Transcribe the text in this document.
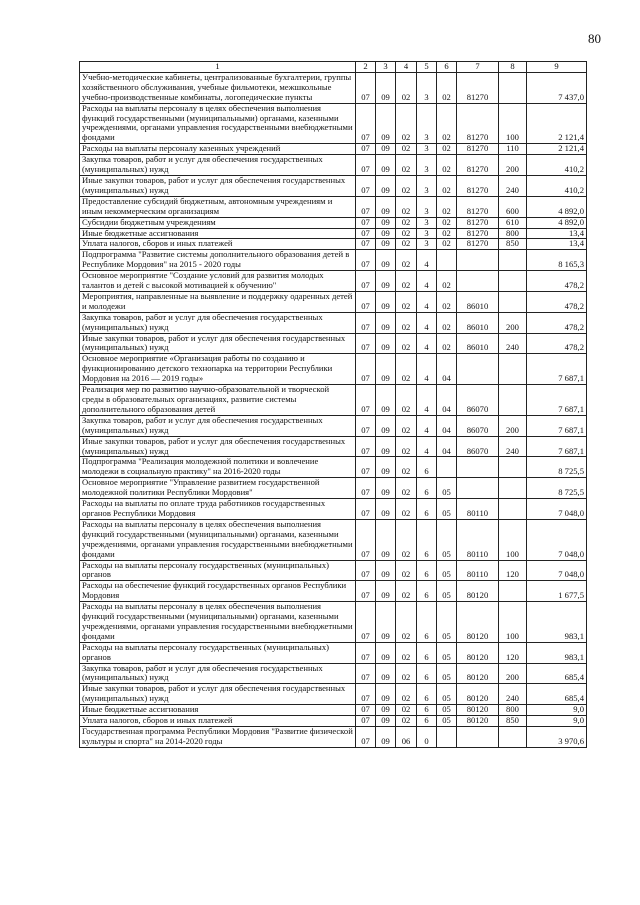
80
1	2	3	4	5	6	7	8	9
Учебно-методические кабинеты, централизованные бухгалтерии, группы хозяйственного обслуживания, учебные фильмотеки, межшкольные учебно-производственные комбинаты, логопедические пункты	07	09	02	3	02	81270		7 437,0
Расходы на выплаты персоналу в целях обеспечения выполнения функций государственными (муниципальными) органами, казенными учреждениями, органами управления государственными внебюджетными фондами	07	09	02	3	02	81270	100	2 121,4
Расходы на выплаты персоналу казенных учреждений	07	09	02	3	02	81270	110	2 121,4
Закупка товаров, работ и услуг для обеспечения государственных (муниципальных) нужд	07	09	02	3	02	81270	200	410,2
Иные закупки товаров, работ и услуг для обеспечения государственных (муниципальных) нужд	07	09	02	3	02	81270	240	410,2
Предоставление субсидий бюджетным, автономным учреждениям и иным некоммерческим организациям	07	09	02	3	02	81270	600	4 892,0
Субсидии бюджетным учреждениям	07	09	02	3	02	81270	610	4 892,0
Иные бюджетные ассигнования	07	09	02	3	02	81270	800	13,4
Уплата налогов, сборов и иных платежей	07	09	02	3	02	81270	850	13,4
Подпрограмма "Развитие системы дополнительного образования детей в Республике Мордовия" на 2015 - 2020 годы	07	09	02	4				8 165,3
Основное мероприятие "Создание условий для развития молодых талантов и детей с высокой мотивацией к обучению"	07	09	02	4	02			478,2
Мероприятия, направленные на выявление и поддержку одаренных детей и молодежи	07	09	02	4	02	86010		478,2
Закупка товаров, работ и услуг для обеспечения государственных (муниципальных) нужд	07	09	02	4	02	86010	200	478,2
Иные закупки товаров, работ и услуг для обеспечения государственных (муниципальных) нужд	07	09	02	4	02	86010	240	478,2
Основное мероприятие «Организация работы по созданию и функционированию детского технопарка на территории Республики Мордовия на 2016 — 2019 годы»	07	09	02	4	04			7 687,1
Реализация мер по развитию научно-образовательной и творческой среды в образовательных организациях, развитие системы дополнительного образования детей	07	09	02	4	04	86070		7 687,1
Закупка товаров, работ и услуг для обеспечения государственных (муниципальных) нужд	07	09	02	4	04	86070	200	7 687,1
Иные закупки товаров, работ и услуг для обеспечения государственных (муниципальных) нужд	07	09	02	4	04	86070	240	7 687,1
Подпрограмма "Реализация молодежной политики и вовлечение молодежи в социальную практику" на 2016-2020 годы	07	09	02	6				8 725,5
Основное мероприятие "Управление развитием государственной молодежной политики Республики Мордовия"	07	09	02	6	05			8 725,5
Расходы на выплаты по оплате труда работников государственных органов Республики Мордовия	07	09	02	6	05	80110		7 048,0
Расходы на выплаты персоналу в целях обеспечения выполнения функций государственными (муниципальными) органами, казенными учреждениями, органами управления государственными внебюджетными фондами	07	09	02	6	05	80110	100	7 048,0
Расходы на выплаты персоналу государственных (муниципальных) органов	07	09	02	6	05	80110	120	7 048,0
Расходы на обеспечение функций государственных органов Республики Мордовия	07	09	02	6	05	80120		1 677,5
Расходы на выплаты персоналу в целях обеспечения выполнения функций государственными (муниципальными) органами, казенными учреждениями, органами управления государственными внебюджетными фондами	07	09	02	6	05	80120	100	983,1
Расходы на выплаты персоналу государственных (муниципальных) органов	07	09	02	6	05	80120	120	983,1
Закупка товаров, работ и услуг для обеспечения государственных (муниципальных) нужд	07	09	02	6	05	80120	200	685,4
Иные закупки товаров, работ и услуг для обеспечения государственных (муниципальных) нужд	07	09	02	6	05	80120	240	685,4
Иные бюджетные ассигнования	07	09	02	6	05	80120	800	9,0
Уплата налогов, сборов и иных платежей	07	09	02	6	05	80120	850	9,0
Государственная программа Республики Мордовия "Развитие физической культуры и спорта" на 2014-2020 годы	07	09	06	0				3 970,6
